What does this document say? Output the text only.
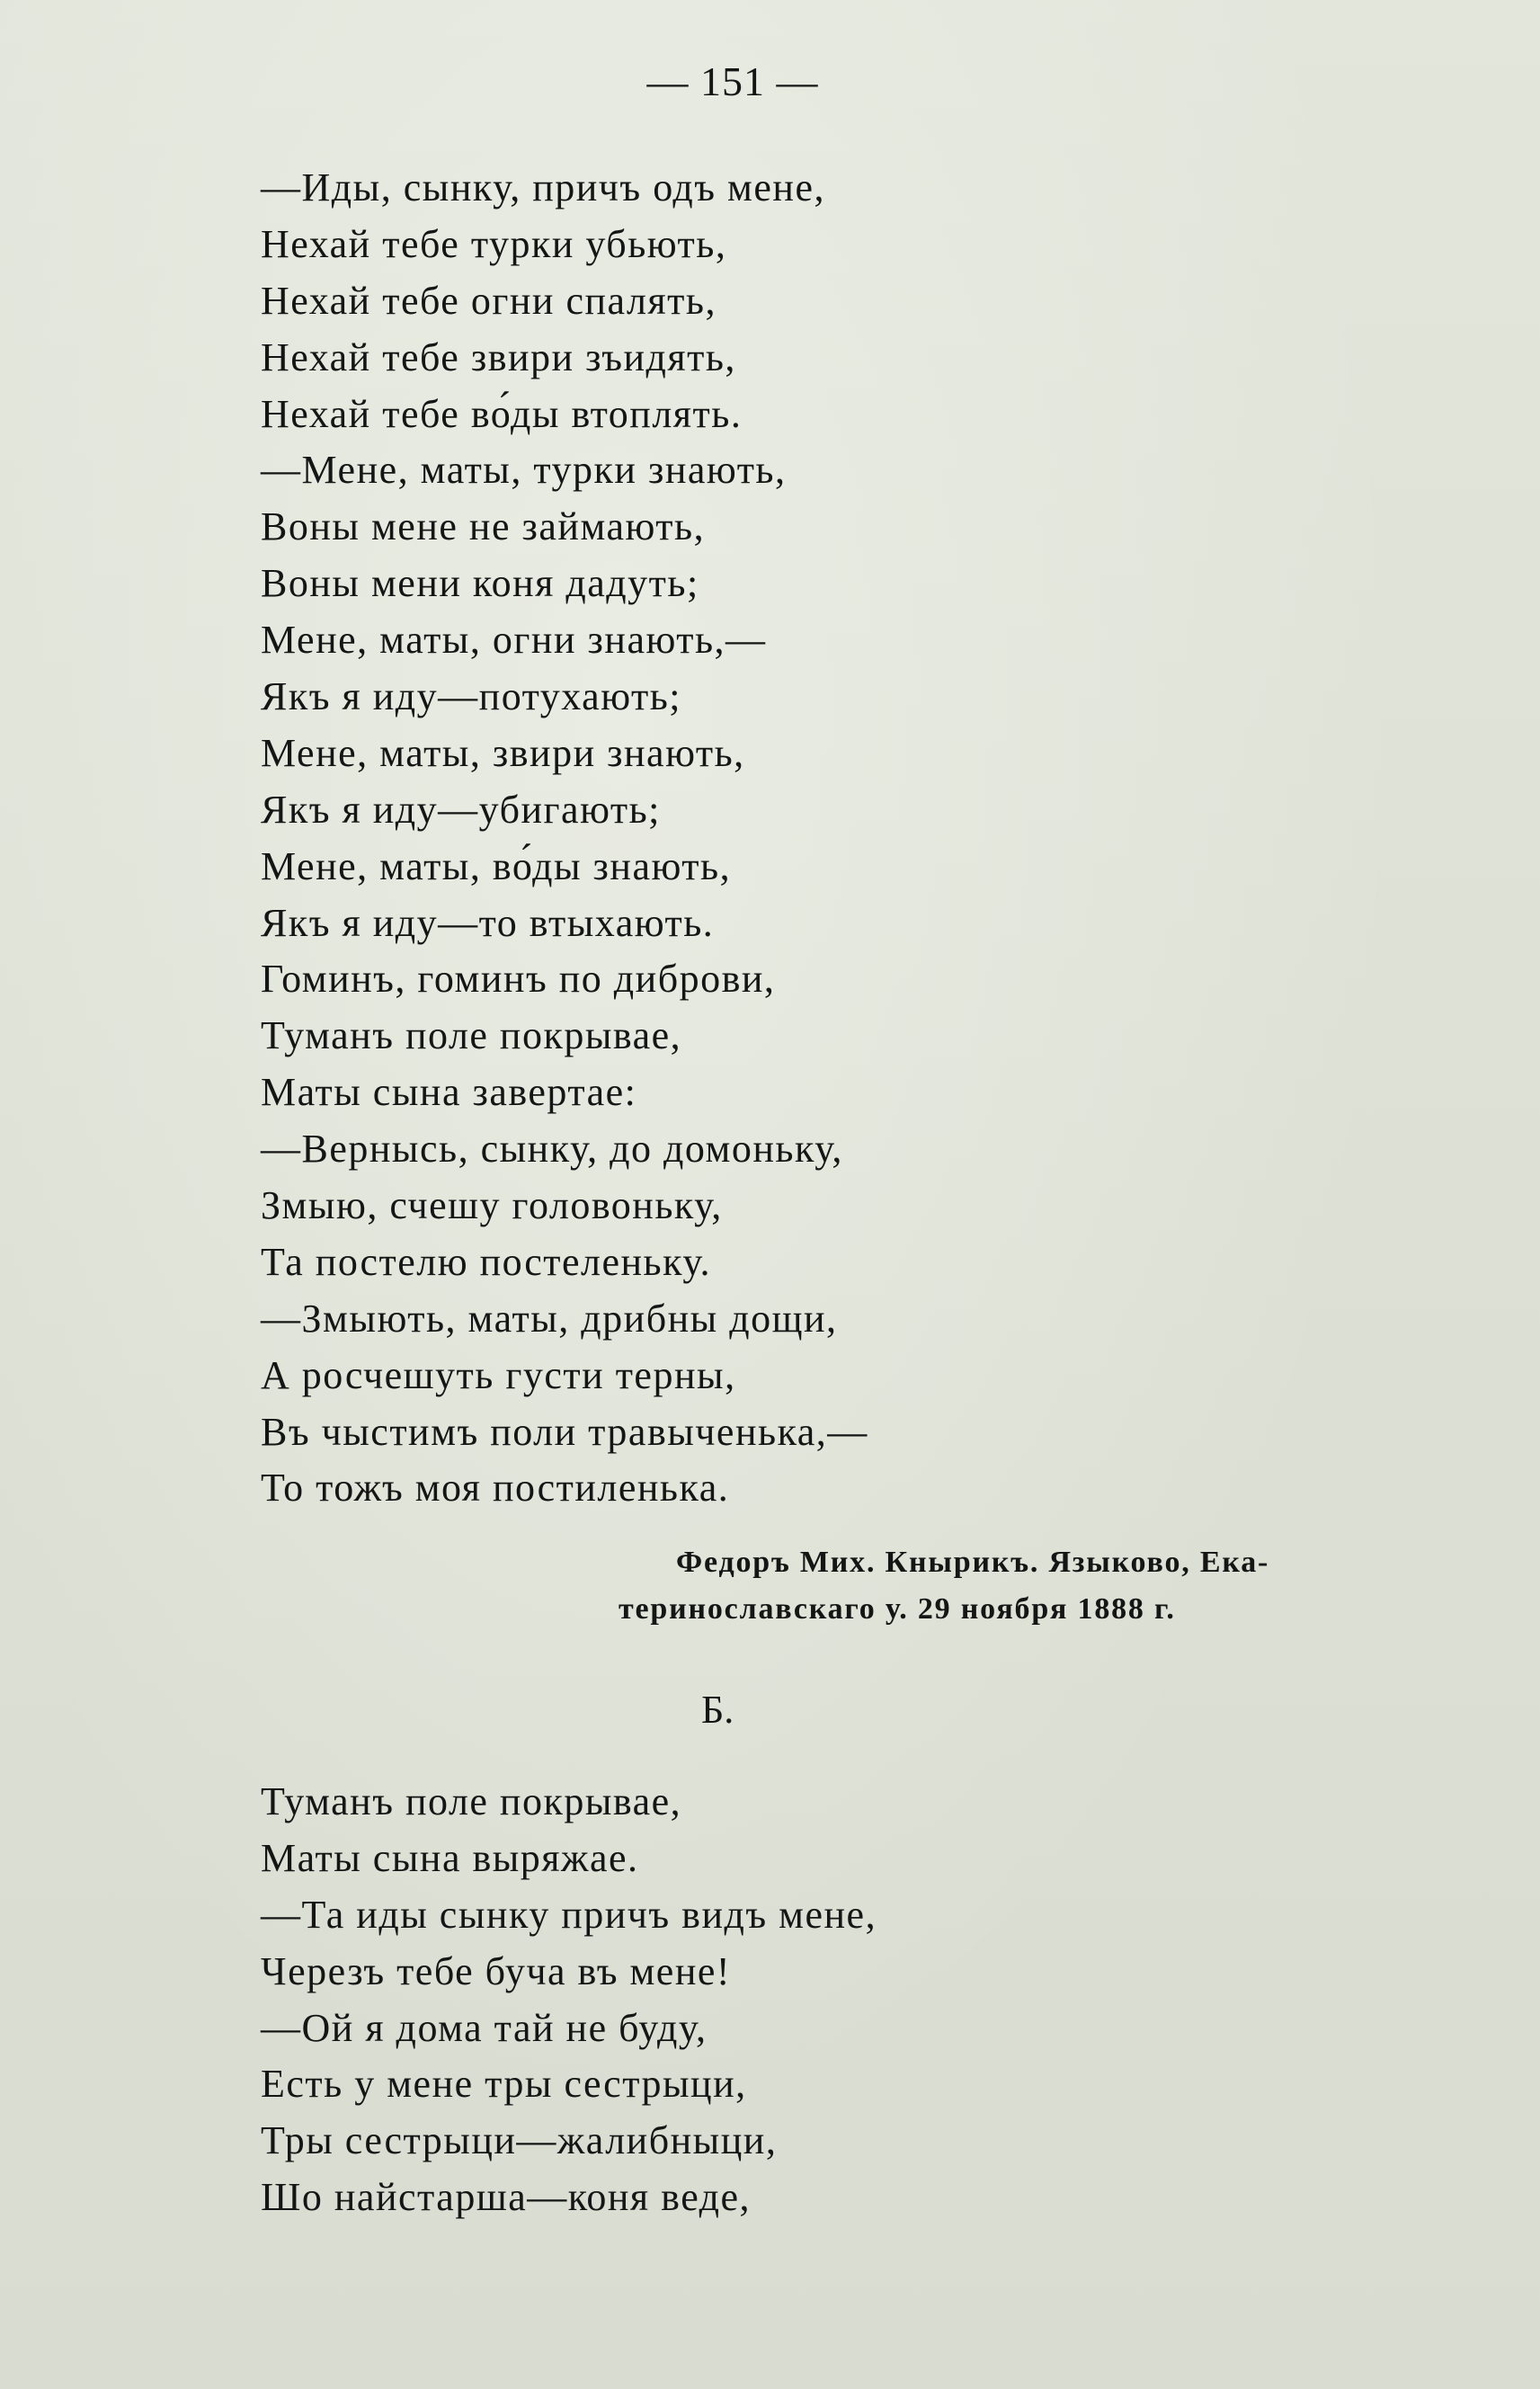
— 151 —
—Иды, сынку, причъ одъ мене,
Нехай тебе турки убьють,
Нехай тебе огни спалять,
Нехай тебе звири зъидять,
Нехай тебе во́ды втоплять.
—Мене, маты, турки знають,
Воны мене не займають,
Воны мени коня дадуть;
Мене, маты, огни знають,—
Якъ я иду—потухають;
Мене, маты, звири знають,
Якъ я иду—убигають;
Мене, маты, во́ды знають,
Якъ я иду—то втыхають.
Гоминъ, гоминъ по диброви,
Туманъ поле покрывае,
Маты сына завертае:
—Вернысь, сынку, до домоньку,
Змыю, счешу головоньку,
Та постелю постеленьку.
—Змыють, маты, дрибны дощи,
А росчешуть густи терны,
Въ чыстимъ поли травыченька,—
То тожъ моя постиленька.
Федоръ Мих. Кнырикъ. Языково, Ека-
теринославскаго у. 29 ноября 1888 г.
Б.
Туманъ поле покрывае,
Маты сына выряжае.
—Та иды сынку причъ видъ мене,
Черезъ тебе буча въ мене!
—Ой я дома тай не буду,
Есть у мене тры сестрыци,
Тры сестрыци—жалибныци,
Шо найстарша—коня веде,
